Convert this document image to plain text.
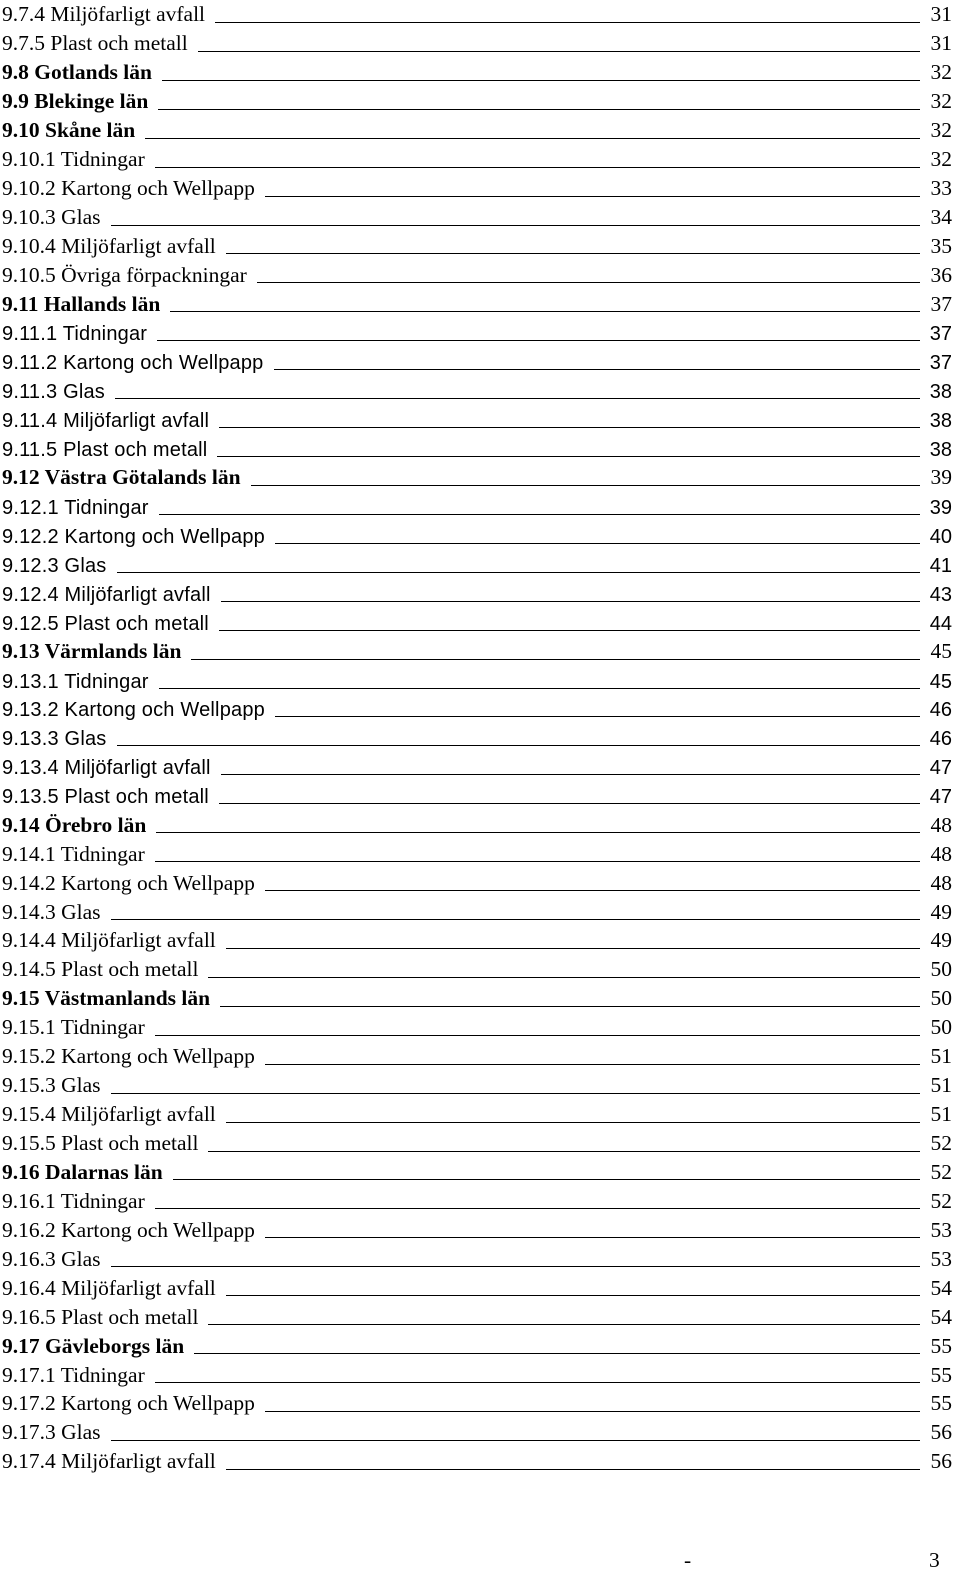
9.7.4 Miljöfarligt avfall	31
9.7.5 Plast och metall	31
9.8 Gotlands län	32
9.9 Blekinge län	32
9.10 Skåne län	32
9.10.1 Tidningar	32
9.10.2 Kartong och Wellpapp	33
9.10.3 Glas	34
9.10.4 Miljöfarligt avfall	35
9.10.5 Övriga förpackningar	36
9.11 Hallands län	37
9.11.1 Tidningar	37
9.11.2 Kartong och Wellpapp	37
9.11.3 Glas	38
9.11.4 Miljöfarligt avfall	38
9.11.5 Plast och metall	38
9.12 Västra Götalands län	39
9.12.1 Tidningar	39
9.12.2 Kartong och Wellpapp	40
9.12.3 Glas	41
9.12.4 Miljöfarligt avfall	43
9.12.5 Plast och metall	44
9.13 Värmlands län	45
9.13.1 Tidningar	45
9.13.2 Kartong och Wellpapp	46
9.13.3 Glas	46
9.13.4 Miljöfarligt avfall	47
9.13.5 Plast och metall	47
9.14 Örebro län	48
9.14.1 Tidningar	48
9.14.2 Kartong och Wellpapp	48
9.14.3 Glas	49
9.14.4 Miljöfarligt avfall	49
9.14.5 Plast och metall	50
9.15 Västmanlands län	50
9.15.1 Tidningar	50
9.15.2 Kartong och Wellpapp	51
9.15.3 Glas	51
9.15.4 Miljöfarligt avfall	51
9.15.5 Plast och metall	52
9.16 Dalarnas län	52
9.16.1 Tidningar	52
9.16.2 Kartong och Wellpapp	53
9.16.3 Glas	53
9.16.4 Miljöfarligt avfall	54
9.16.5 Plast och metall	54
9.17 Gävleborgs län	55
9.17.1 Tidningar	55
9.17.2 Kartong och Wellpapp	55
9.17.3 Glas	56
9.17.4 Miljöfarligt avfall	56
-	3
